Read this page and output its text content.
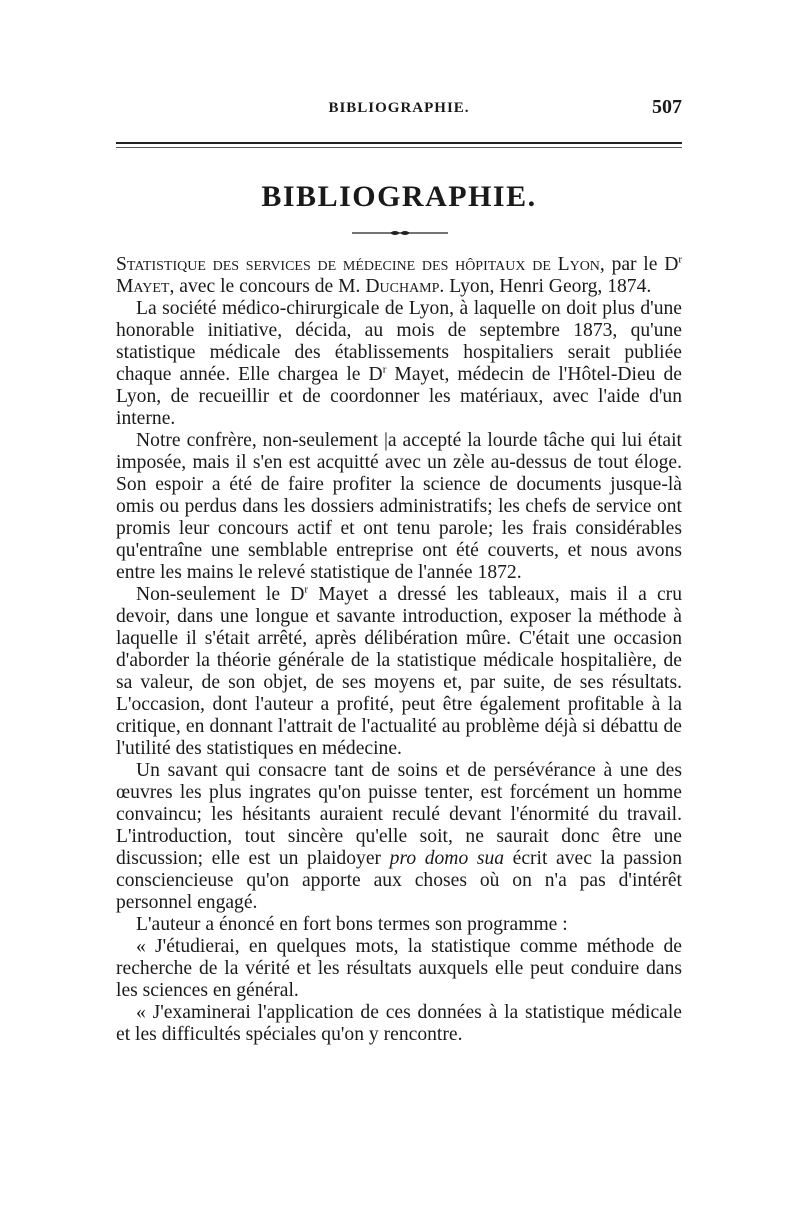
BIBLIOGRAPHIE.	507
BIBLIOGRAPHIE.

Statistique des services de médecine des hôpitaux de Lyon, par le $D^r$ Mayet, avec le concours de M. Duchamp. Lyon, Henri Georg, 1874.

La société médico-chirurgicale de Lyon, à laquelle on doit plus d'une honorable initiative, décida, au mois de septembre 1873, qu'une statistique médicale des établissements hospitaliers serait publiée chaque année. Elle chargea le $D^r$ Mayet, médecin de l'Hôtel-Dieu de Lyon, de recueillir et de coordonner les matériaux, avec l'aide d'un interne.

Notre confrère, non-seulement |a accepté la lourde tâche qui lui était imposée, mais il s'en est acquitté avec un zèle au-dessus de tout éloge. Son espoir a été de faire profiter la science de documents jusque-là omis ou perdus dans les dossiers administratifs; les chefs de service ont promis leur concours actif et ont tenu parole; les frais considérables qu'entraîne une semblable entreprise ont été couverts, et nous avons entre les mains le relevé statistique de l'année 1872.

Non-seulement le $D^r$ Mayet a dressé les tableaux, mais il a cru devoir, dans une longue et savante introduction, exposer la méthode à laquelle il s'était arrêté, après délibération mûre. C'était une occasion d'aborder la théorie générale de la statistique médicale hospitalière, de sa valeur, de son objet, de ses moyens et, par suite, de ses résultats. L'occasion, dont l'auteur a profité, peut être également profitable à la critique, en donnant l'attrait de l'actualité au problème déjà si débattu de l'utilité des statistiques en médecine.

Un savant qui consacre tant de soins et de persévérance à une des œuvres les plus ingrates qu'on puisse tenter, est forcément un homme convaincu; les hésitants auraient reculé devant l'énormité du travail. L'introduction, tout sincère qu'elle soit, ne saurait donc être une discussion; elle est un plaidoyer pro domo sua écrit avec la passion consciencieuse qu'on apporte aux choses où on n'a pas d'intérêt personnel engagé.

L'auteur a énoncé en fort bons termes son programme :

« J'étudierai, en quelques mots, la statistique comme méthode de recherche de la vérité et les résultats auxquels elle peut conduire dans les sciences en général.

« J'examinerai l'application de ces données à la statistique médicale et les difficultés spéciales qu'on y rencontre.
